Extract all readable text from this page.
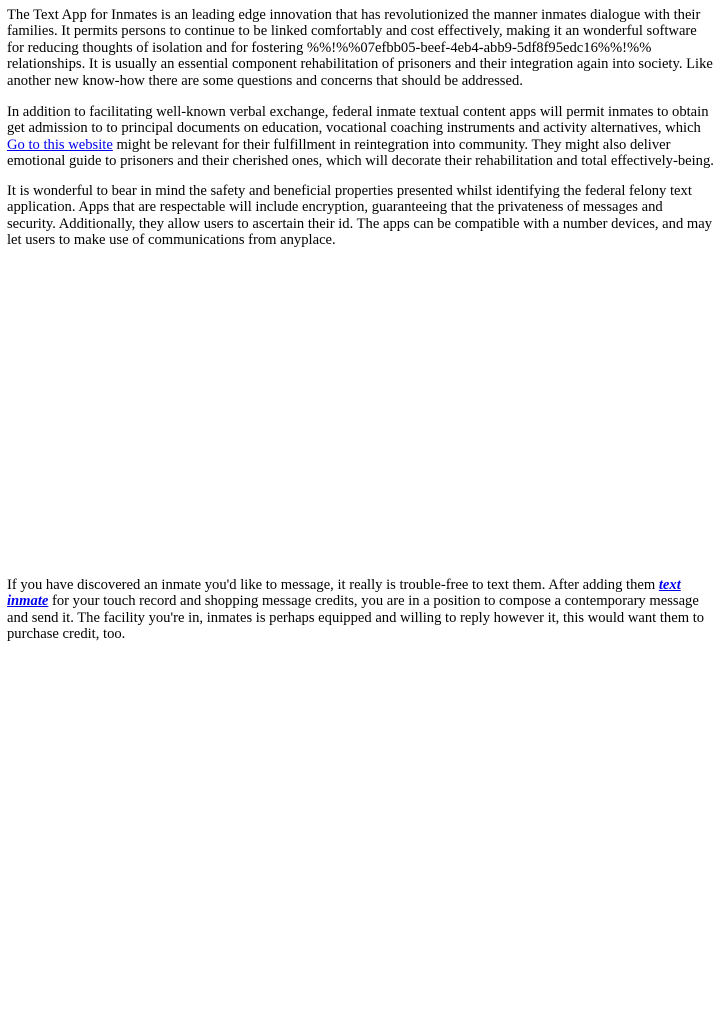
The Text App for Inmates is an leading edge innovation that has revolutionized the manner inmates dialogue with their families. It permits persons to continue to be linked comfortably and cost effectively, making it an wonderful software for reducing thoughts of isolation and for fostering %%!%%07efbb05-beef-4eb4-abb9-5df8f95edc16%%!%% relationships. It is usually an essential component rehabilitation of prisoners and their integration again into society. Like another new know-how there are some questions and concerns that should be addressed.

In addition to facilitating well-known verbal exchange, federal inmate textual content apps will permit inmates to obtain get admission to to principal documents on education, vocational coaching instruments and activity alternatives, which Go to this website might be relevant for their fulfillment in reintegration into community. They might also deliver emotional guide to prisoners and their cherished ones, which will decorate their rehabilitation and total effectively-being.

It is wonderful to bear in mind the safety and beneficial properties presented whilst identifying the federal felony text application. Apps that are respectable will include encryption, guaranteeing that the privateness of messages and security. Additionally, they allow users to ascertain their id. The apps can be compatible with a number devices, and may let users to make use of communications from anyplace.

If you have discovered an inmate you'd like to message, it really is trouble-free to text them. After adding them text inmate for your touch record and shopping message credits, you are in a position to compose a contemporary message and send it. The facility you're in, inmates is perhaps equipped and willing to reply however it, this would want them to purchase credit, too.
